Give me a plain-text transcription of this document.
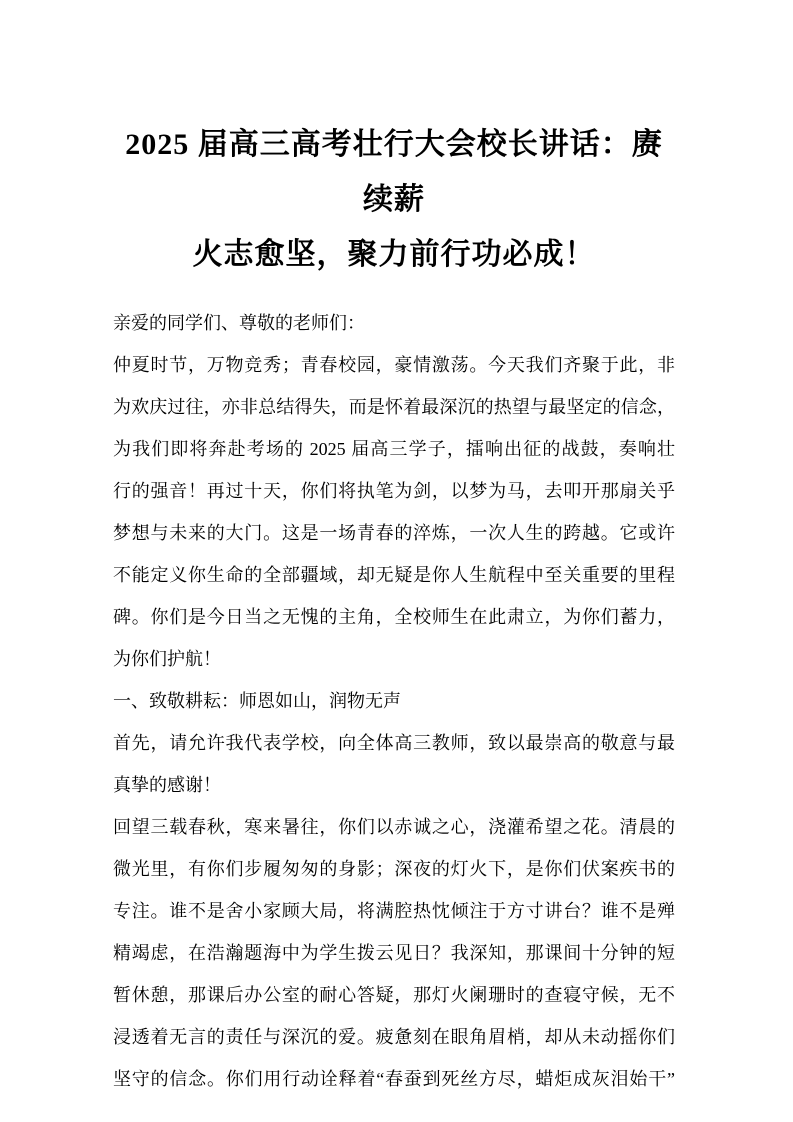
2025 届高三高考壮行大会校长讲话：赓续薪
火志愈坚，聚力前行功必成！
亲爱的同学们、尊敬的老师们：
仲夏时节，万物竞秀；青春校园，豪情激荡。今天我们齐聚于此，非
为欢庆过往，亦非总结得失，而是怀着最深沉的热望与最坚定的信念，
为我们即将奔赴考场的 2025 届高三学子，擂响出征的战鼓，奏响壮
行的强音！再过十天，你们将执笔为剑，以梦为马，去叩开那扇关乎
梦想与未来的大门。这是一场青春的淬炼，一次人生的跨越。它或许
不能定义你生命的全部疆域，却无疑是你人生航程中至关重要的里程
碑。你们是今日当之无愧的主角，全校师生在此肃立，为你们蓄力，
为你们护航！
一、致敬耕耘：师恩如山，润物无声
首先，请允许我代表学校，向全体高三教师，致以最崇高的敬意与最
真挚的感谢！
回望三载春秋，寒来暑往，你们以赤诚之心，浇灌希望之花。清晨的
微光里，有你们步履匆匆的身影；深夜的灯火下，是你们伏案疾书的
专注。谁不是舍小家顾大局，将满腔热忱倾注于方寸讲台？谁不是殚
精竭虑，在浩瀚题海中为学生拨云见日？我深知，那课间十分钟的短
暂休憩，那课后办公室的耐心答疑，那灯火阑珊时的查寝守候，无不
浸透着无言的责任与深沉的爱。疲惫刻在眼角眉梢，却从未动摇你们
坚守的信念。你们用行动诠释着“春蚕到死丝方尽，蜡炬成灰泪始干”
